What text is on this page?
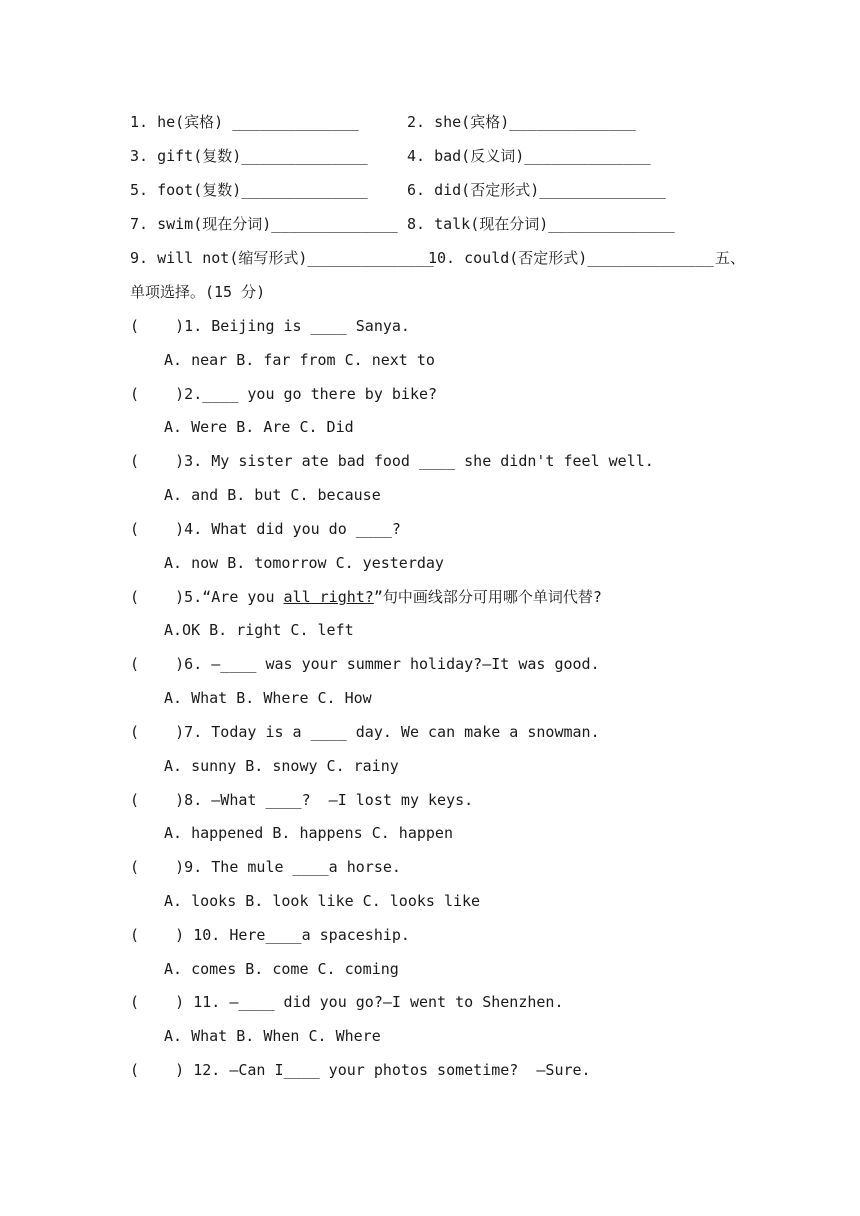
1. he(宾格) ______________	2. she(宾格)______________
3. gift(复数)______________	4. bad(反义词)______________
5. foot(复数)______________	6. did(否定形式)______________
7. swim(现在分词)______________ 8. talk(现在分词)______________
9. will not(缩写形式)______________
10. could(否定形式)______________ 五、
单项选择。(15 分)
(    )1. Beijing is ____ Sanya.
A. near B. far from C. next to
(    )2.____ you go there by bike?
A. Were B. Are C. Did
(    )3. My sister ate bad food ____ she didn't feel well.
A. and B. but C. because
(    )4. What did you do ____?
A. now B. tomorrow C. yesterday
(    )5.“Are you all right?”句中画线部分可用哪个单词代替?
A.OK B. right C. left
(    )6. —____ was your summer holiday?—It was good.
A. What B. Where C. How
(    )7. Today is a ____ day. We can make a snowman.
A. sunny B. snowy C. rainy
(    )8. —What ____?  —I lost my keys.
A. happened B. happens C. happen
(    )9. The mule ____a horse.
A. looks B. look like C. looks like
(    ) 10. Here____a spaceship.
A. comes B. come C. coming
(    ) 11. —____ did you go?—I went to Shenzhen.
A. What B. When C. Where
(    ) 12. —Can I____ your photos sometime?  —Sure.
